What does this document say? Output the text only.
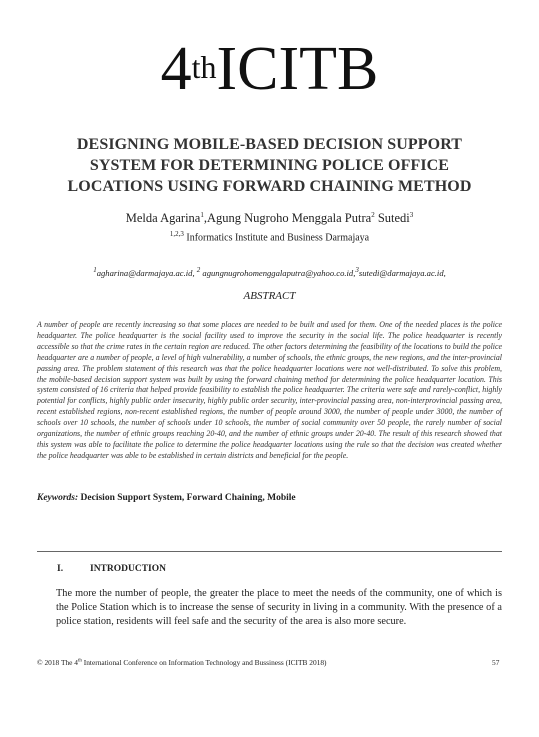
4thICITB
DESIGNING MOBILE-BASED DECISION SUPPORT
SYSTEM FOR DETERMINING POLICE OFFICE
LOCATIONS USING FORWARD CHAINING METHOD
Melda Agarina$^1$,Agung Nugroho Menggala Putra$^2$ Sutedi$^3$
$^{1,2,3}$ Informatics Institute and Business Darmajaya
$^1$agharina@darmajaya.ac.id, $^2$ agungnugrohomenggalaputra@yahoo.co.id,$^3$sutedi@darmajaya.ac.id,
ABSTRACT
A number of people are recently increasing so that some places are needed to be built and used for them. One of the needed places is the police headquarter. The police headquarter is the social facility used to improve the security in the social life. The police headquarter is recently accessible so that the crime rates in the certain region are reduced. The other factors determining the feasibility of the locations to build the police headquarter are a number of people, a level of high vulnerability, a number of schools, the ethnic groups, the new regions, and the inter-provincial passing area. The problem statement of this research was that the police headquarter locations were not well-distributed. To solve this problem, the mobile-based decision support system was built by using the forward chaining method for determining the police headquarter location. This system consisted of 16 criteria that helped provide feasibility to establish the police headquarter. The criteria were safe and rarely-conflict, highly potential for conflicts, highly public order insecurity, highly public order security, inter-provincial passing area, non-interprovincial passing area, recent established regions, non-recent established regions, the number of people around 3000, the number of people under 3000, the number of schools over 10 schools, the number of schools under 10 schools, the number of social community over 50 people, the rarely number of social organizations, the number of ethnic groups reaching 20-40, and the number of ethnic groups under 20-40. The result of this research showed that this system was able to facilitate the police to determine the police headquarter locations using the rule so that the decision was created whether the police headquarter was able to be established in certain districts and beneficial for the people.
Keywords: Decision Support System, Forward Chaining, Mobile
I.	INTRODUCTION
The more the number of people, the greater the place to meet the needs of the community, one of which is the Police Station which is to increase the sense of security in living in a community. With the presence of a police station, residents will feel safe and the security of the area is also more secure.
© 2018 The 4th International Conference on Information Technology and Bussiness (ICITB 2018)	57
